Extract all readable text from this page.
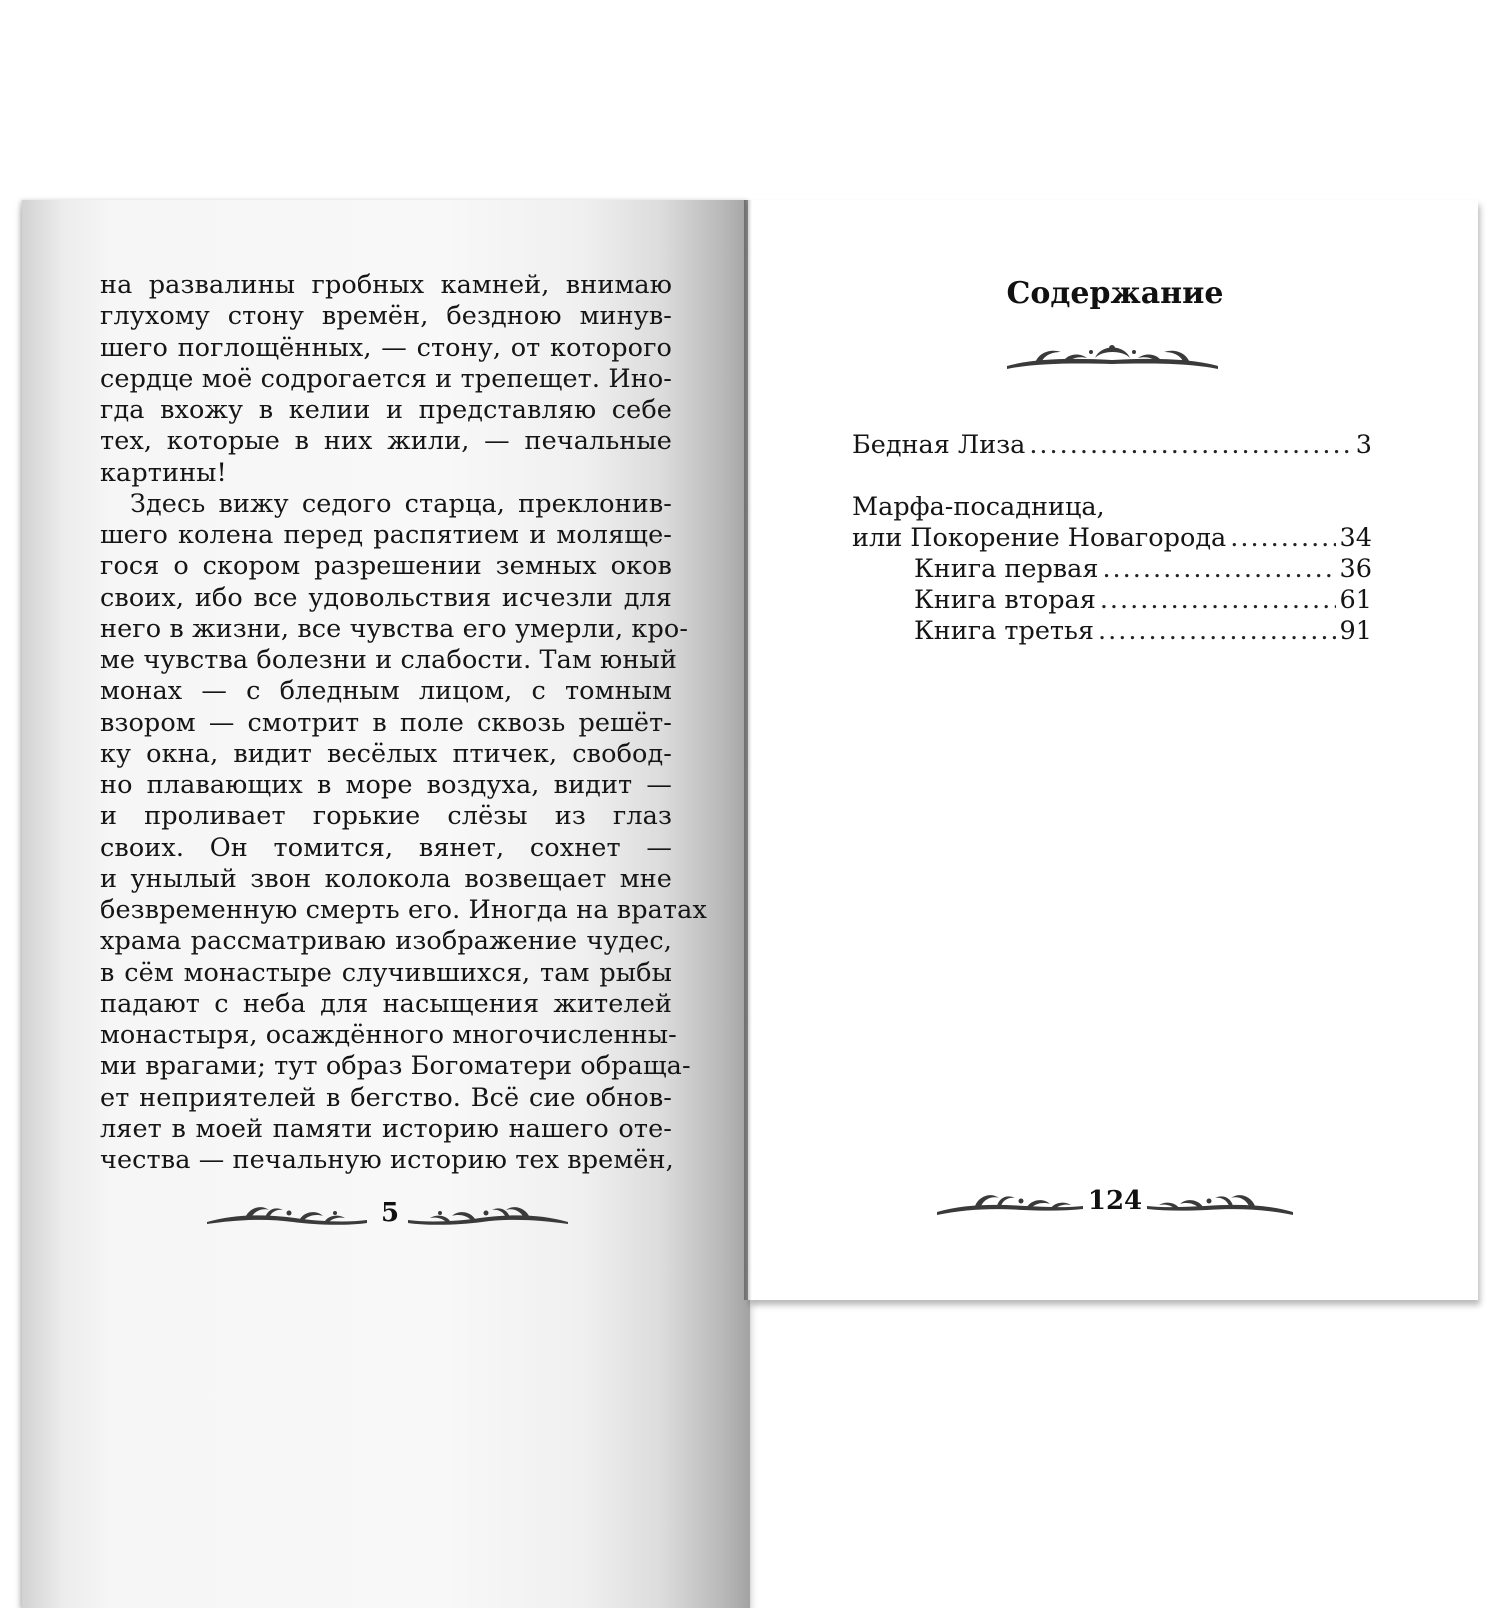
на развалины гробных камней, внимаю
глухому стону времён, бездною минув-
шего поглощённых, — стону, от которого
сердце моё содрогается и трепещет. Ино-
гда вхожу в келии и представляю себе
тех, которые в них жили, — печальные
картины!
Здесь вижу седого старца, преклонив-
шего колена перед распятием и моляще-
гося о скором разрешении земных оков
своих, ибо все удовольствия исчезли для
него в жизни, все чувства его умерли, кро-
ме чувства болезни и слабости. Там юный
монах — с бледным лицом, с томным
взором — смотрит в поле сквозь решёт-
ку окна, видит весёлых птичек, свобод-
но плавающих в море воздуха, видит —
и проливает горькие слёзы из глаз
своих. Он томится, вянет, сохнет —
и унылый звон колокола возвещает мне
безвременную смерть его. Иногда на вратах
храма рассматриваю изображение чудес,
в сём монастыре случившихся, там рыбы
падают с неба для насыщения жителей
монастыря, осаждённого многочисленны-
ми врагами; тут образ Богоматери обраща-
ет неприятелей в бегство. Всё сие обнов-
ляет в моей памяти историю нашего оте-
чества — печальную историю тех времён,
5
Содержание
Бедная Лиза .....	3
Марфа-посадница,
или Покорение Новагорода .....	34
Книга первая .....	36
Книга вторая .....	61
Книга третья .....	91
124
